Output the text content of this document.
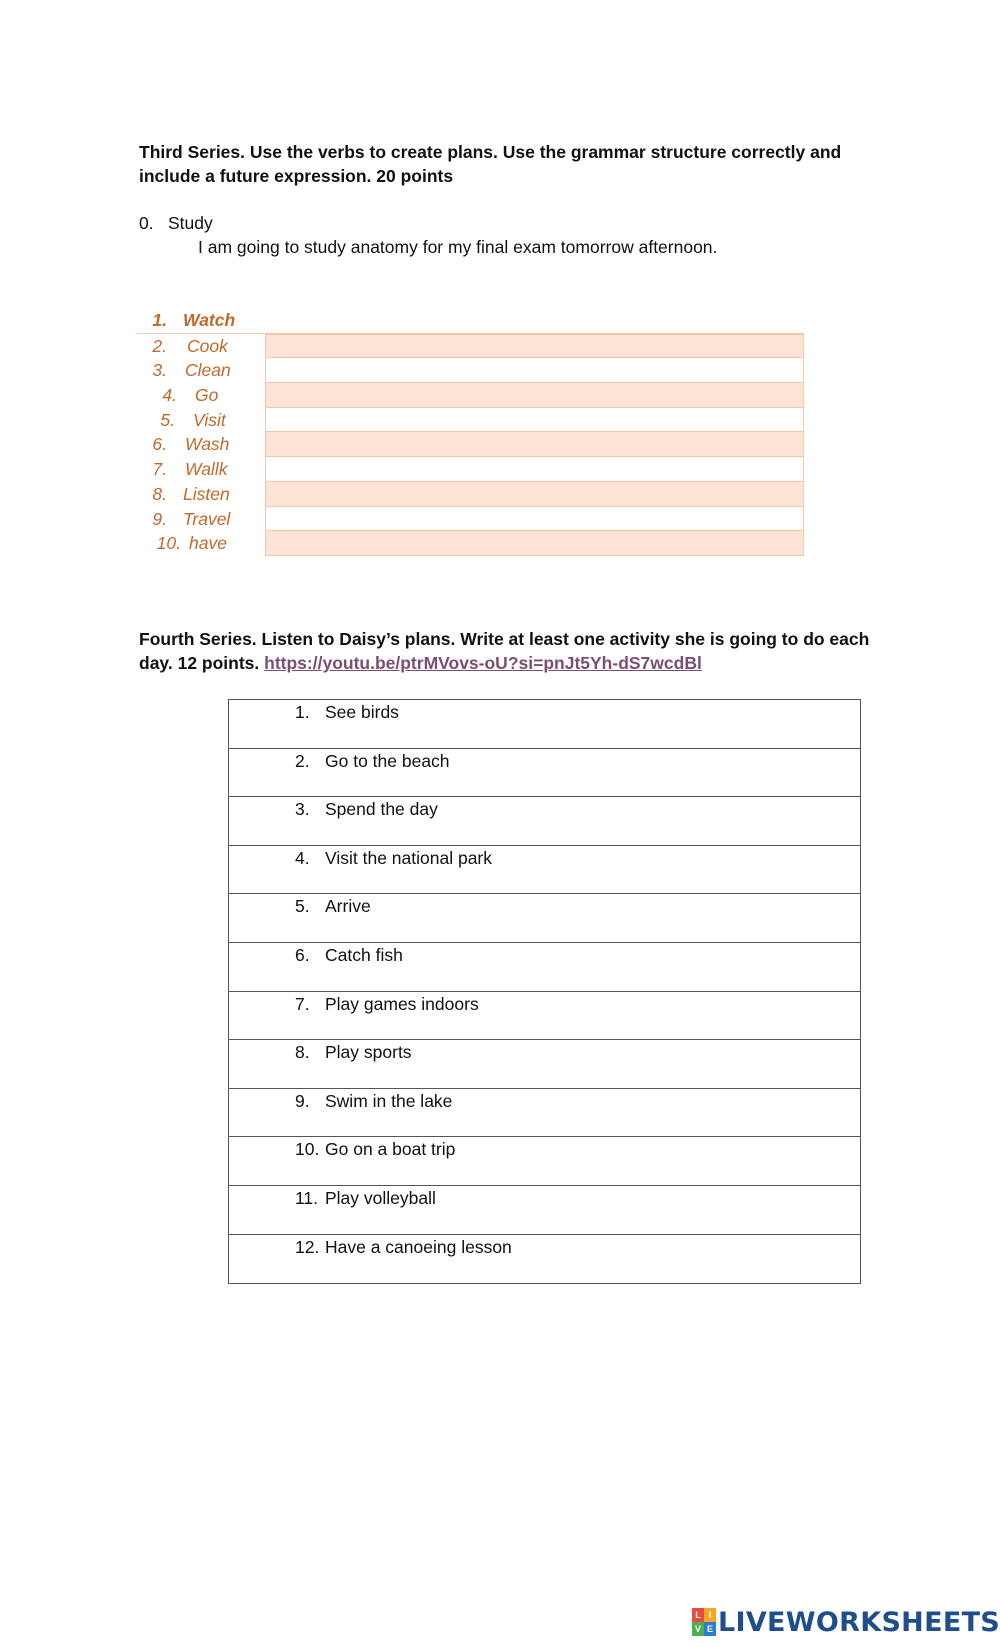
Third Series. Use the verbs to create plans. Use the grammar structure correctly and include a future expression. 20 points
0. Study
I am going to study anatomy for my final exam tomorrow afternoon.
1. Watch
2. Cook
3. Clean
4. Go
5. Visit
6. Wash
7. Wallk
8. Listen
9. Travel
10. have
Fourth Series. Listen to Daisy’s plans. Write at least one activity she is going to do each day. 12 points. https://youtu.be/ptrMVovs-oU?si=pnJt5Yh-dS7wcdBl
1. See birds
2. Go to the beach
3. Spend the day
4. Visit the national park
5. Arrive
6. Catch fish
7. Play games indoors
8. Play sports
9. Swim in the lake
10. Go on a boat trip
11. Play volleyball
12. Have a canoeing lesson
L I
V E LIVEWORKSHEETS
